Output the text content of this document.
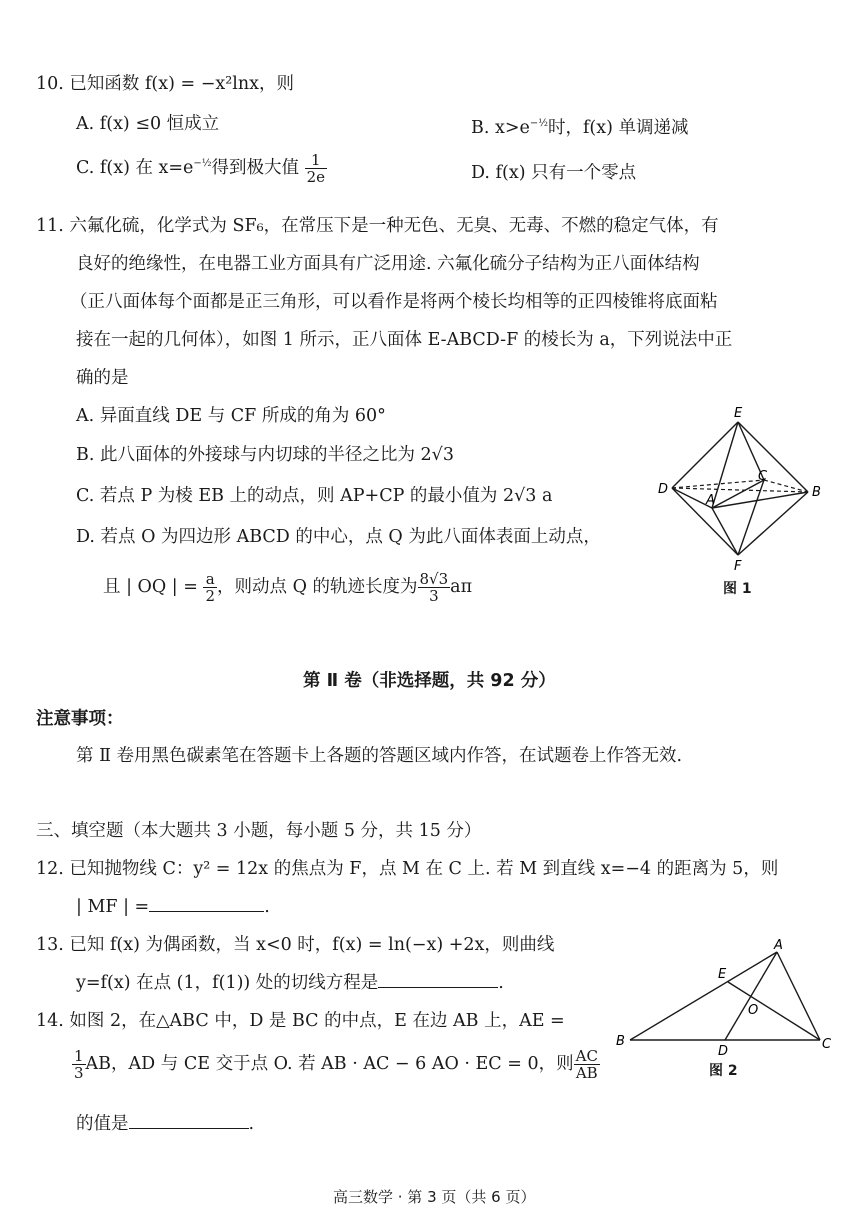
10. 已知函数 f(x) = −x²lnx，则
A. f(x) ≤0 恒成立	B. $x>e^{-\frac{1}{2}}$时，f(x) 单调递减
C. f(x) 在 $x=e^{-\frac{1}{2}}$得到极大值 $\frac{1}{2e}$	D. f(x) 只有一个零点
11. 六氟化硫，化学式为 SF₆，在常压下是一种无色、无臭、无毒、不燃的稳定气体，有
良好的绝缘性，在电器工业方面具有广泛用途. 六氟化硫分子结构为正八面体结构
（正八面体每个面都是正三角形，可以看作是将两个棱长均相等的正四棱锥将底面粘
接在一起的几何体），如图 1 所示，正八面体 E-ABCD-F 的棱长为 a，下列说法中正
确的是
A. 异面直线 DE 与 CF 所成的角为 60°
B. 此八面体的外接球与内切球的半径之比为 2√3
C. 若点 P 为棱 EB 上的动点，则 AP+CP 的最小值为 2√3 a
D. 若点 O 为四边形 ABCD 的中心，点 Q 为此八面体表面上动点，
且 | OQ | = $\frac{a}{2}$ ，则动点 Q 的轨迹长度为 $\frac{8√3}{3}$ aπ
E
D
A
C
B
F
图 1
第 Ⅱ 卷（非选择题，共 92 分）
注意事项：
第 Ⅱ 卷用黑色碳素笔在答题卡上各题的答题区域内作答，在试题卷上作答无效.
三、填空题（本大题共 3 小题，每小题 5 分，共 15 分）
12. 已知抛物线 C：y² = 12x 的焦点为 F，点 M 在 C 上. 若 M 到直线 x=−4 的距离为 5，则
| MF | =	.
13. 已知 f(x) 为偶函数，当 x<0 时，f(x) = ln(−x) +2x，则曲线
y=f(x) 在点 (1，f(1)) 处的切线方程是	.
14. 如图 2，在△ABC 中，D 是 BC 的中点，E 在边 AB 上，AE =
$\frac{1}{3}$ AB，AD 与 CE 交于点 O. 若 AB · AC − 6 AO · EC = 0，则 $\frac{AC}{AB}$
的值是	.
A
E
O
B
D	C
图 2
高三数学 · 第 3 页（共 6 页）
